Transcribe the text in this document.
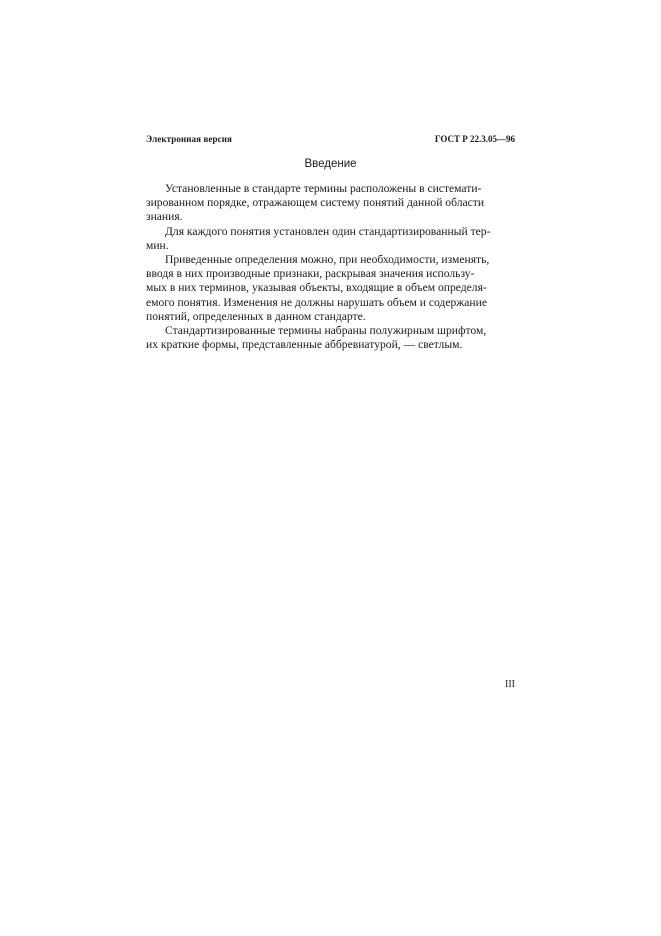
Электронная версия	ГОСТ Р 22.3.05—96
Введение

Установленные в стандарте термины расположены в системати-
зированном порядке, отражающем систему понятий данной области
знания.

Для каждого понятия установлен один стандартизированный тер-
мин.

Приведенные определения можно, при необходимости, изменять,
вводя в них производные признаки, раскрывая значения использу-
мых в них терминов, указывая объекты, входящие в объем определя-
емого понятия. Изменения не должны нарушать объем и содержание
понятий, определенных в данном стандарте.

Стандартизированные термины набраны полужирным шрифтом,
их краткие формы, представленные аббревиатурой, — светлым.

III
